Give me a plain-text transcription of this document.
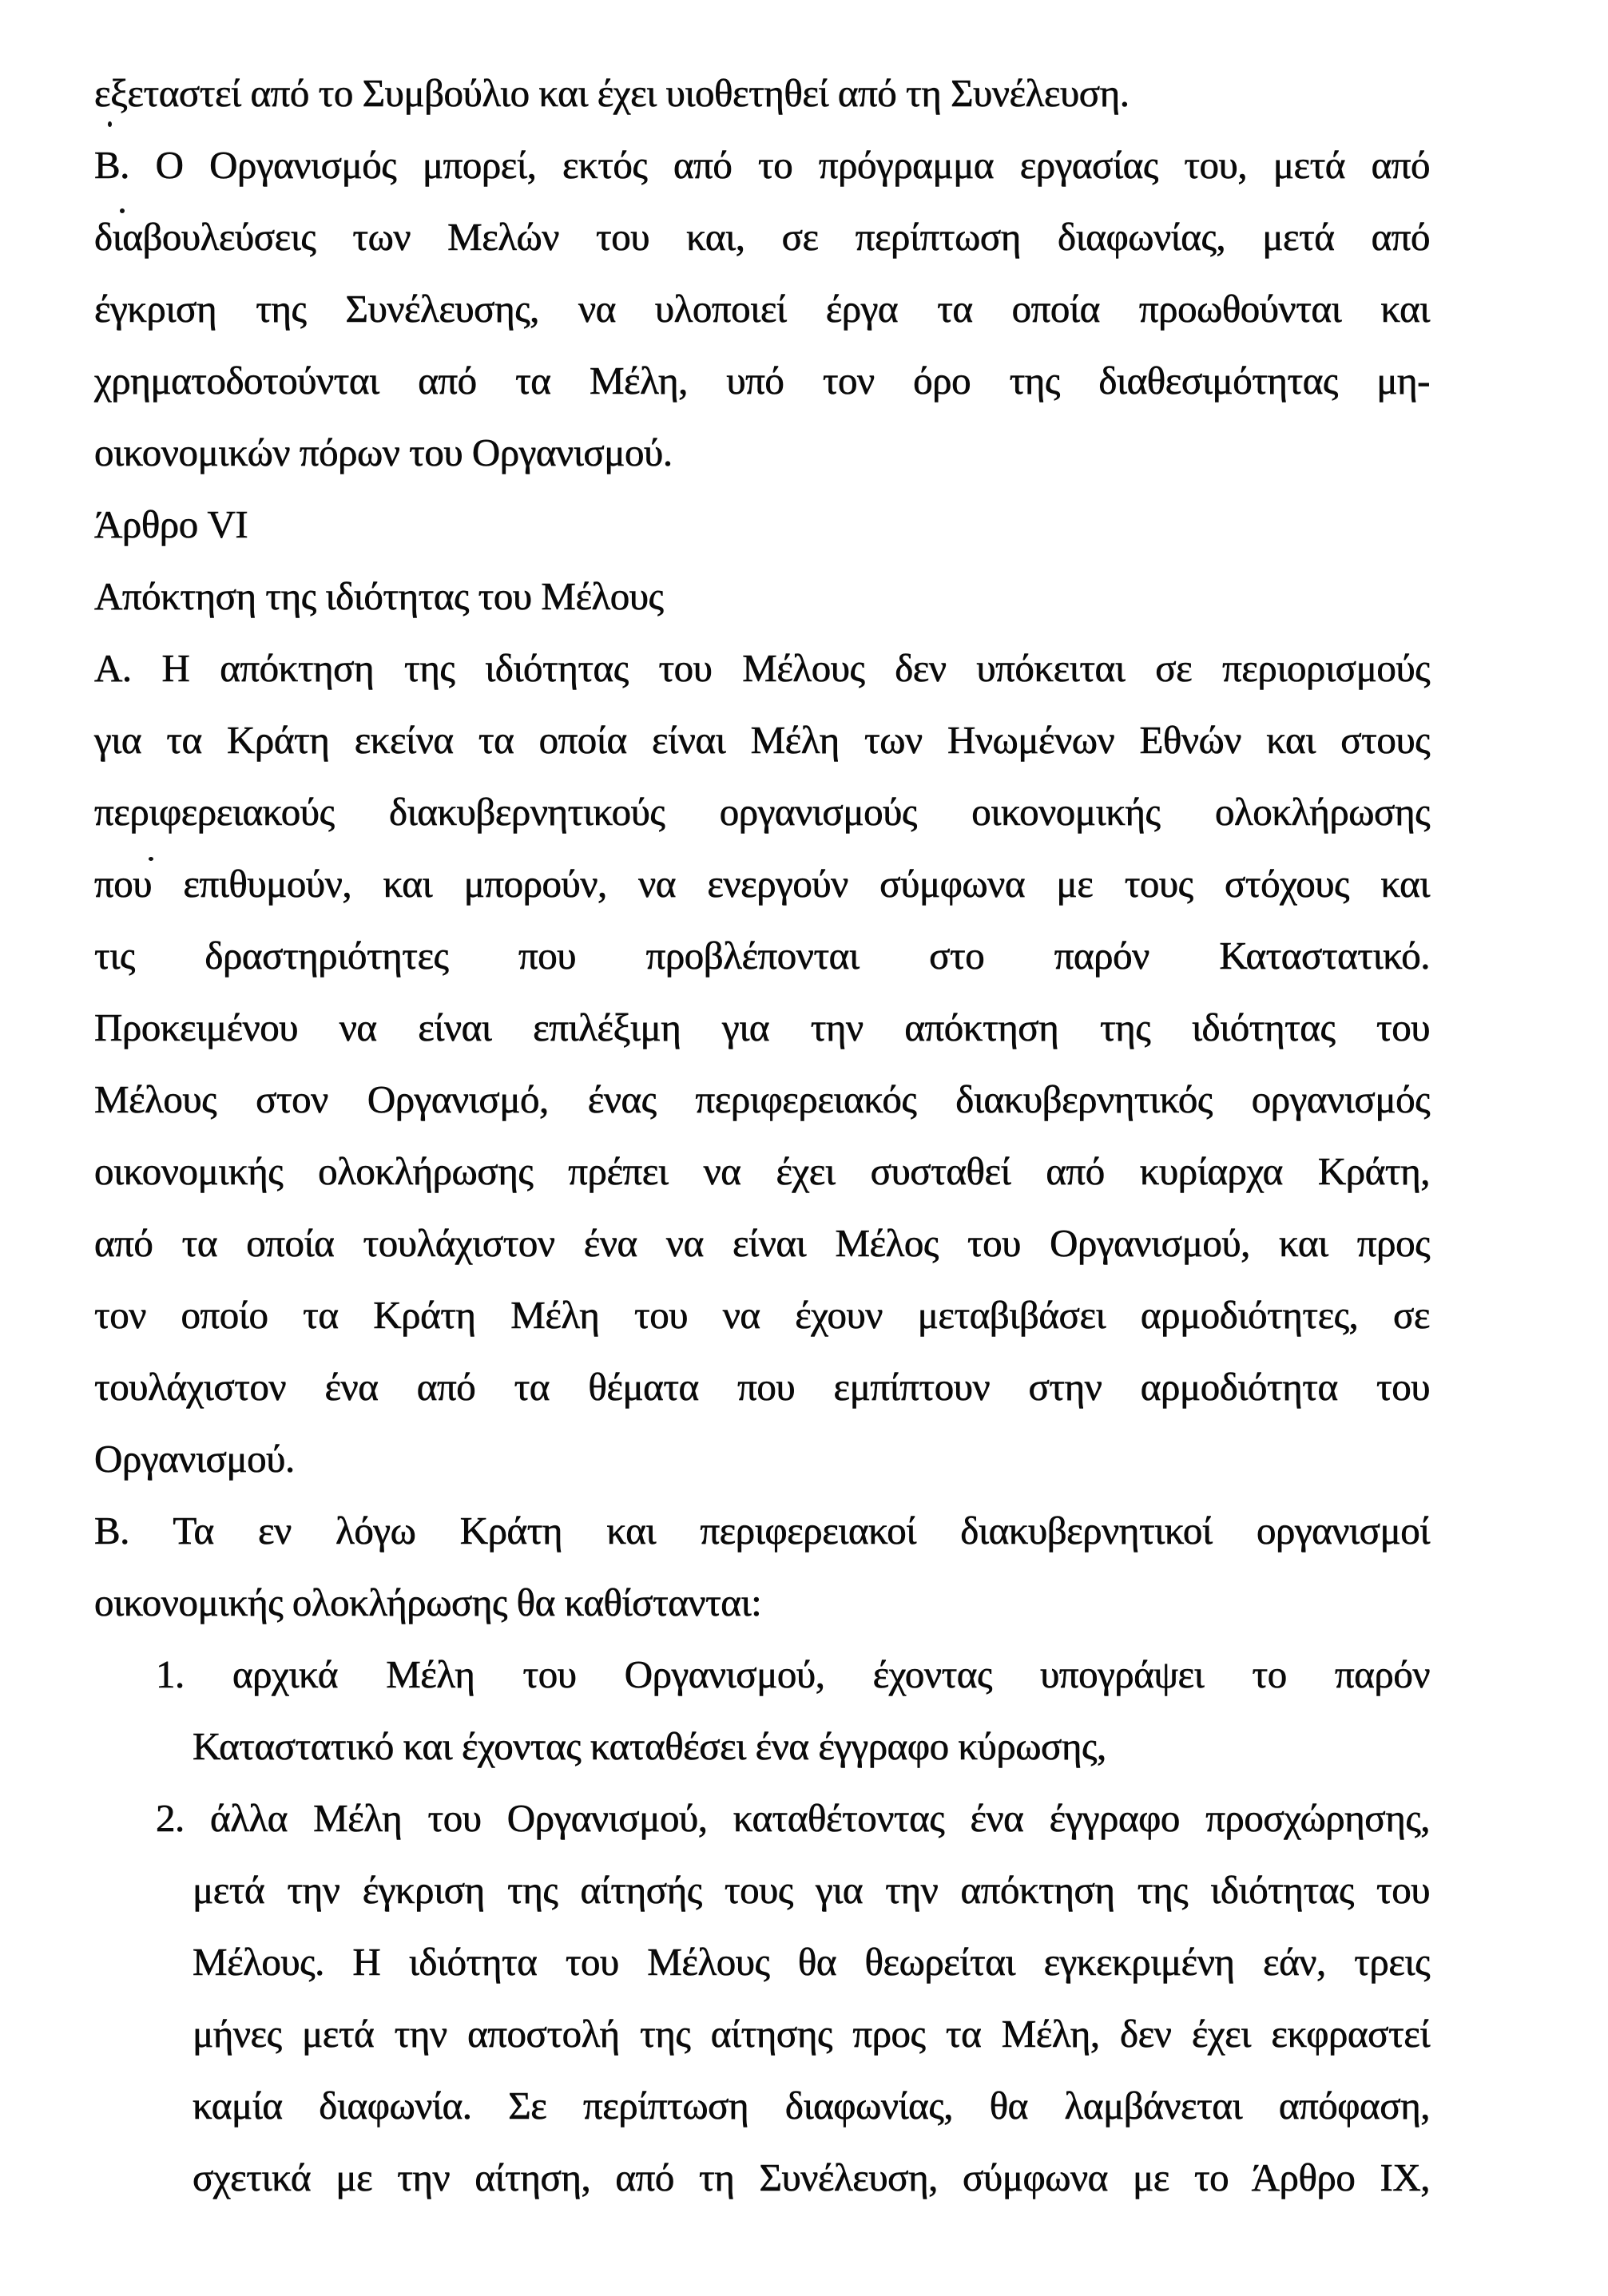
εξεταστεί από το Συμβούλιο και έχει υιοθετηθεί από τη Συνέλευση.
Β. Ο Οργανισμός μπορεί, εκτός από το πρόγραμμα εργασίας του, μετά από
διαβουλεύσεις των Μελών του και, σε περίπτωση διαφωνίας, μετά από
έγκριση της Συνέλευσης, να υλοποιεί έργα τα οποία προωθούνται και
χρηματοδοτούνται από τα Μέλη, υπό τον όρο της διαθεσιμότητας μη-
οικονομικών πόρων του Οργανισμού.
Άρθρο VI
Απόκτηση της ιδιότητας του Μέλους
Α. Η απόκτηση της ιδιότητας του Μέλους δεν υπόκειται σε περιορισμούς
για τα Κράτη εκείνα τα οποία είναι Μέλη των Ηνωμένων Εθνών και στους
περιφερειακούς διακυβερνητικούς οργανισμούς οικονομικής ολοκλήρωσης
που επιθυμούν, και μπορούν, να ενεργούν σύμφωνα με τους στόχους και
τις δραστηριότητες που προβλέπονται στο παρόν Καταστατικό.
Προκειμένου να είναι επιλέξιμη για την απόκτηση της ιδιότητας του
Μέλους στον Οργανισμό, ένας περιφερειακός διακυβερνητικός οργανισμός
οικονομικής ολοκλήρωσης πρέπει να έχει συσταθεί από κυρίαρχα Κράτη,
από τα οποία τουλάχιστον ένα να είναι Μέλος του Οργανισμού, και προς
τον οποίο τα Κράτη Μέλη του να έχουν μεταβιβάσει αρμοδιότητες, σε
τουλάχιστον ένα από τα θέματα που εμπίπτουν στην αρμοδιότητα του
Οργανισμού.
Β. Τα εν λόγω Κράτη και περιφερειακοί διακυβερνητικοί οργανισμοί
οικονομικής ολοκλήρωσης θα καθίστανται:
1. αρχικά Μέλη του Οργανισμού, έχοντας υπογράψει το παρόν
Καταστατικό και έχοντας καταθέσει ένα έγγραφο κύρωσης,
2. άλλα Μέλη του Οργανισμού, καταθέτοντας ένα έγγραφο προσχώρησης,
μετά την έγκριση της αίτησής τους για την απόκτηση της ιδιότητας του
Μέλους. Η ιδιότητα του Μέλους θα θεωρείται εγκεκριμένη εάν, τρεις
μήνες μετά την αποστολή της αίτησης προς τα Μέλη, δεν έχει εκφραστεί
καμία διαφωνία. Σε περίπτωση διαφωνίας, θα λαμβάνεται απόφαση,
σχετικά με την αίτηση, από τη Συνέλευση, σύμφωνα με το Άρθρο IX,
